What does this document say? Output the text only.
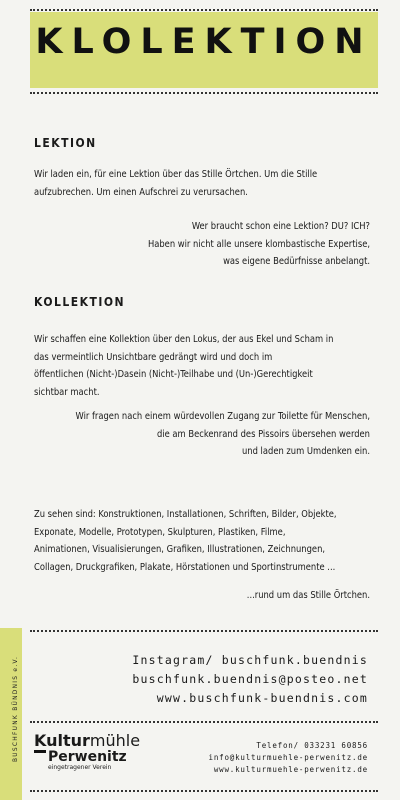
KLOLEKTION
LEKTION
Wir laden ein, für eine Lektion über das Stille Örtchen. Um die Stille
aufzubrechen. Um einen Aufschrei zu verursachen.
Wer braucht schon eine Lektion? DU? ICH?
Haben wir nicht alle unsere klombastische Expertise,
was eigene Bedürfnisse anbelangt.
KOLLEKTION
Wir schaffen eine Kollektion über den Lokus, der aus Ekel und Scham in
das vermeintlich Unsichtbare gedrängt wird und doch im
öffentlichen (Nicht-)Dasein (Nicht-)Teilhabe und (Un-)Gerechtigkeit
sichtbar macht.
Wir fragen nach einem würdevollen Zugang zur Toilette für Menschen,
die am Beckenrand des Pissoirs übersehen werden
und laden zum Umdenken ein.
Zu sehen sind: Konstruktionen, Installationen, Schriften, Bilder, Objekte,
Exponate, Modelle, Prototypen, Skulpturen, Plastiken, Filme,
Animationen, Visualisierungen, Grafiken, Illustrationen, Zeichnungen,
Collagen, Druckgrafiken, Plakate, Hörstationen und Sportinstrumente ...
...rund um das Stille Örtchen.
Instagram/ buschfunk.buendnis
buschfunk.buendnis@posteo.net
www.buschfunk-buendnis.com
BUSCHFUNK BÜNDNIS e.V. Kulturmühle
Perwenitz
eingetragener Verein
Telefon/ 033231 60856
info@kulturmuehle-perwenitz.de
www.kulturmuehle-perwenitz.de
